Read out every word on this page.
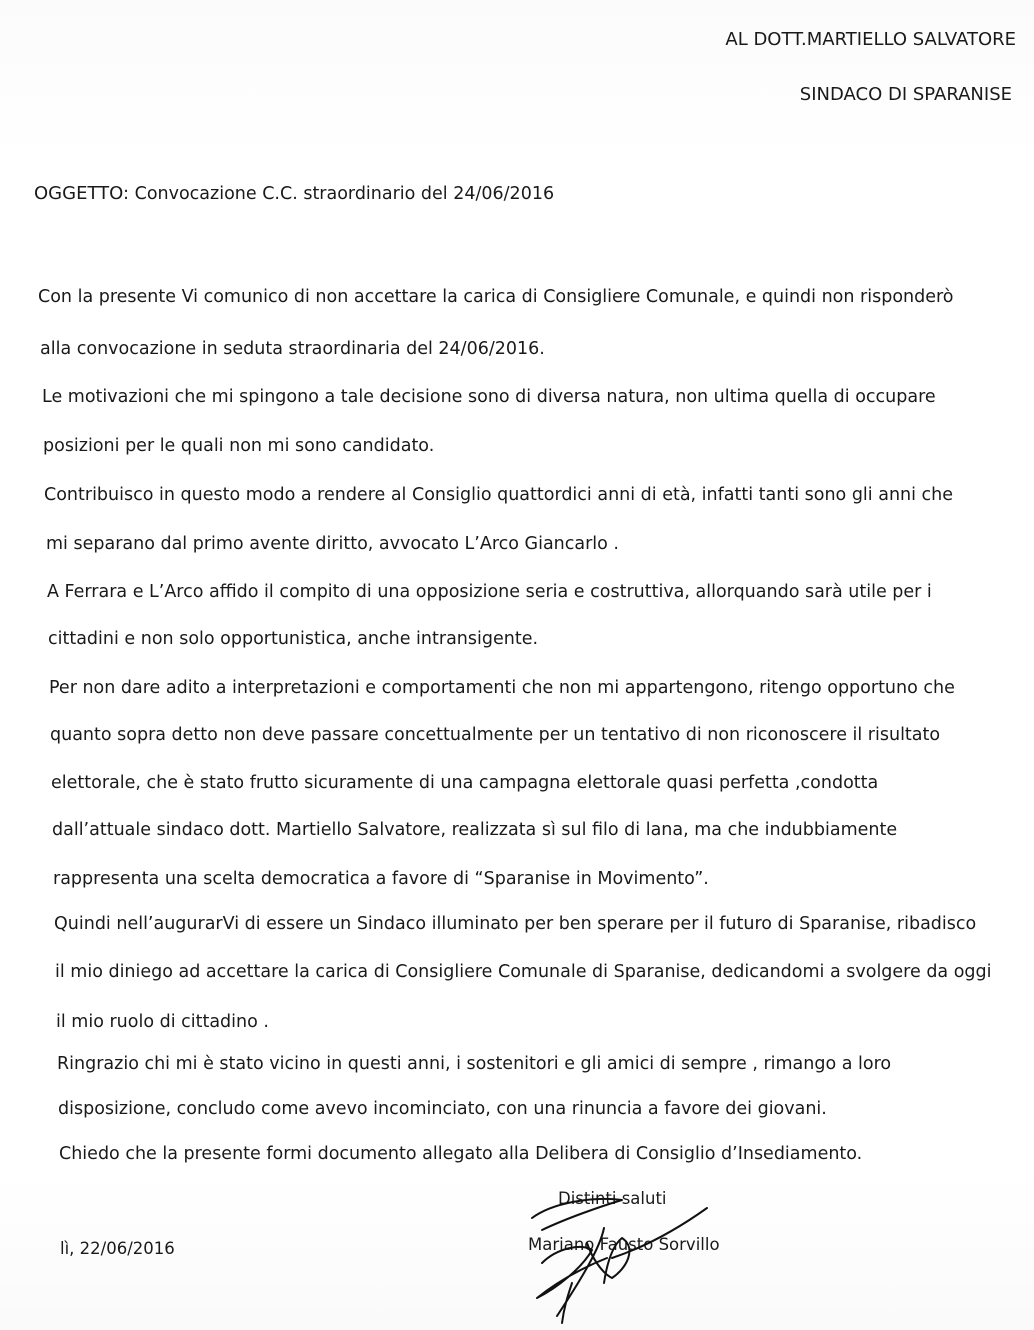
AL DOTT.MARTIELLO SALVATORE
SINDACO DI SPARANISE
OGGETTO: Convocazione C.C. straordinario del 24/06/2016
Con la presente Vi comunico di non accettare la carica di Consigliere Comunale, e quindi non risponderò
alla convocazione in seduta straordinaria del 24/06/2016.
Le motivazioni che mi spingono a tale decisione sono di diversa natura, non ultima quella di occupare
posizioni per le quali non mi sono candidato.
Contribuisco in questo modo a rendere al Consiglio quattordici anni di età, infatti tanti sono gli anni che
mi separano dal primo avente diritto, avvocato L’Arco Giancarlo .
A Ferrara e L’Arco affido il compito di una opposizione seria e costruttiva, allorquando sarà utile per i
cittadini e non solo opportunistica, anche intransigente.
Per non dare adito a interpretazioni e comportamenti che non mi appartengono, ritengo opportuno che
quanto sopra detto non deve passare concettualmente per un tentativo di non riconoscere il risultato
elettorale, che è stato frutto sicuramente di una campagna elettorale quasi perfetta ,condotta
dall’attuale sindaco dott. Martiello Salvatore, realizzata sì sul filo di lana, ma che indubbiamente
rappresenta una scelta democratica a favore di “Sparanise in Movimento”.
Quindi nell’augurarVi di essere un Sindaco illuminato per ben sperare per il futuro di Sparanise, ribadisco
il mio diniego ad accettare la carica di Consigliere Comunale di Sparanise, dedicandomi a svolgere da oggi
il mio ruolo di cittadino .
Ringrazio chi mi è stato vicino in questi anni, i sostenitori e gli amici di sempre , rimango a loro
disposizione, concludo come avevo incominciato, con una rinuncia a favore dei giovani.
Chiedo che la presente formi documento allegato alla Delibera di Consiglio d’Insediamento.
Distinti saluti
Mariano Fausto Sorvillo
lì, 22/06/2016
